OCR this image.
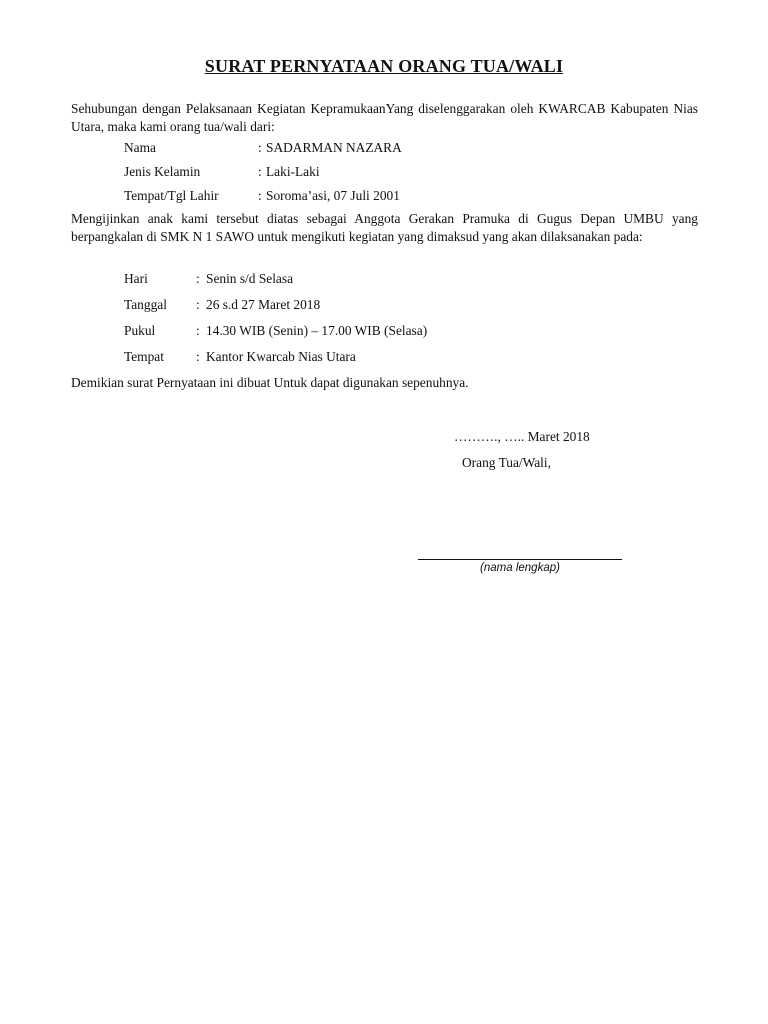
SURAT PERNYATAAN ORANG TUA/WALI
Sehubungan dengan Pelaksanaan Kegiatan KepramukaanYang diselenggarakan oleh KWARCAB Kabupaten Nias Utara, maka kami orang tua/wali dari:
Nama	: SADARMAN NAZARA
Jenis Kelamin	: Laki-Laki
Tempat/Tgl Lahir	: Soroma’asi, 07 Juli 2001
Mengijinkan anak kami tersebut diatas sebagai Anggota Gerakan Pramuka di Gugus Depan UMBU yang berpangkalan di SMK N 1 SAWO untuk mengikuti kegiatan yang dimaksud yang akan dilaksanakan pada:
Hari	: Senin s/d Selasa
Tanggal : 26 s.d 27 Maret 2018
Pukul	: 14.30 WIB (Senin) – 17.00 WIB (Selasa)
Tempat : Kantor Kwarcab Nias Utara
Demikian surat Pernyataan ini dibuat Untuk dapat digunakan sepenuhnya.
………., ….. Maret 2018
Orang Tua/Wali,
(nama lengkap)
